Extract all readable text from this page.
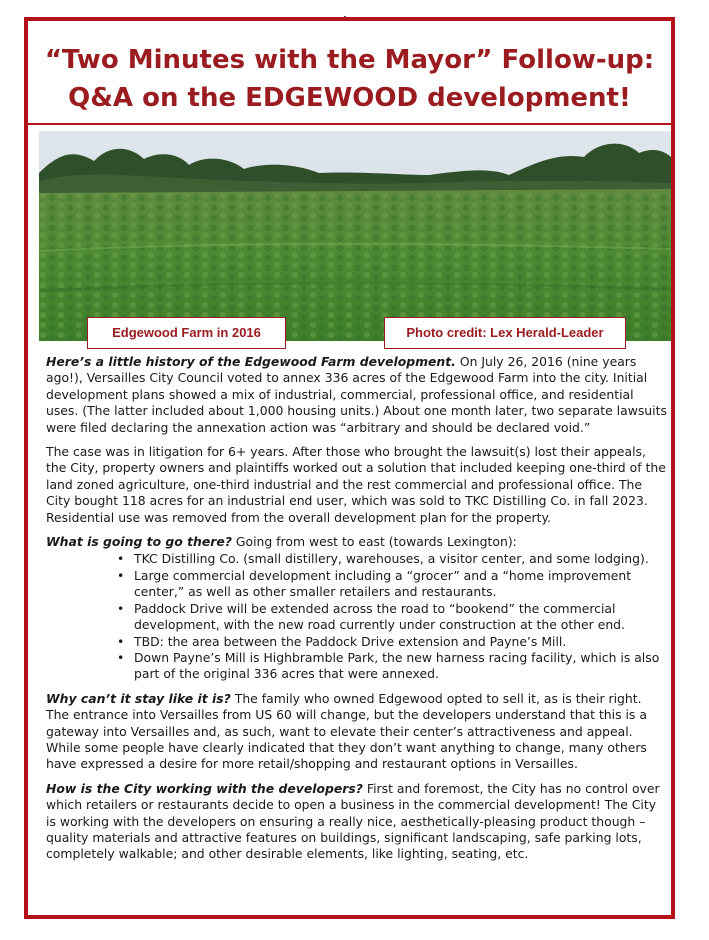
“Two Minutes with the Mayor” Follow-up:
Q&A on the EDGEWOOD development!
Edgewood Farm in 2016	Photo credit: Lex Herald-Leader

Here’s a little history of the Edgewood Farm development. On July 26, 2016 (nine years ago!), Versailles City Council voted to annex 336 acres of the Edgewood Farm into the city. Initial development plans showed a mix of industrial, commercial, professional office, and residential uses. (The latter included about 1,000 housing units.) About one month later, two separate lawsuits were filed declaring the annexation action was “arbitrary and should be declared void.”

The case was in litigation for 6+ years. After those who brought the lawsuit(s) lost their appeals, the City, property owners and plaintiffs worked out a solution that included keeping one-third of the land zoned agriculture, one-third industrial and the rest commercial and professional office. The City bought 118 acres for an industrial end user, which was sold to TKC Distilling Co. in fall 2023. Residential use was removed from the overall development plan for the property.

What is going to go there? Going from west to east (towards Lexington):

• TKC Distilling Co. (small distillery, warehouses, a visitor center, and some lodging).
• Large commercial development including a “grocer” and a “home improvement center,” as well as other smaller retailers and restaurants.
• Paddock Drive will be extended across the road to “bookend” the commercial development, with the new road currently under construction at the other end.
• TBD: the area between the Paddock Drive extension and Payne’s Mill.
• Down Payne’s Mill is Highbramble Park, the new harness racing facility, which is also part of the original 336 acres that were annexed.

Why can’t it stay like it is? The family who owned Edgewood opted to sell it, as is their right. The entrance into Versailles from US 60 will change, but the developers understand that this is a gateway into Versailles and, as such, want to elevate their center’s attractiveness and appeal. While some people have clearly indicated that they don’t want anything to change, many others have expressed a desire for more retail/shopping and restaurant options in Versailles.

How is the City working with the developers? First and foremost, the City has no control over which retailers or restaurants decide to open a business in the commercial development! The City is working with the developers on ensuring a really nice, aesthetically-pleasing product though – quality materials and attractive features on buildings, significant landscaping, safe parking lots, completely walkable; and other desirable elements, like lighting, seating, etc.
